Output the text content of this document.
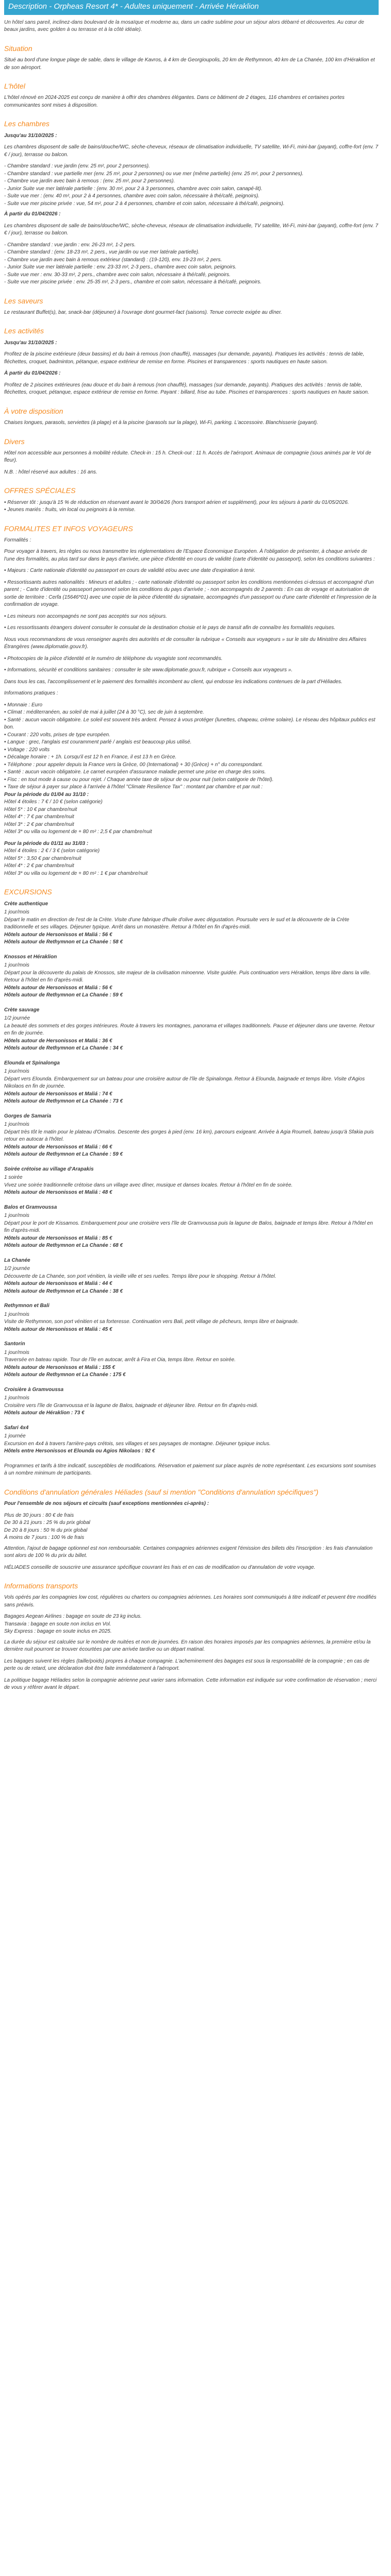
Description - Orpheas Resort 4* - Adultes uniquement - Arrivée Héraklion

Un hôtel sans pareil, inclinez-dans boulevard de la mosaïque et moderne au, dans un cadre sublime pour un séjour alors débarré et découvertes. Au cœur de beaux jardins, avec golden à ou terrasse et à la côté idéale).

Situation

Situé au bord d'une longue plage de sable, dans le village de Kavros, à 4 km de Georgioupolis, 20 km de Rethymnon, 40 km de La Chanée, 100 km d'Héraklion et de son aéroport.

L'hôtel

L'hôtel rénové en 2024-2025 est conçu de manière à offrir des chambres élégantes. Dans ce bâtiment de 2 étages, 116 chambres et certaines portes communicantes sont mises à disposition.

Les chambres

Jusqu'au 31/10/2025 :

Les chambres disposent de salle de bains/douche/WC, sèche-cheveux, réseaux de climatisation individuelle, TV satellite, Wi-Fi, mini-bar (payant), coffre-fort (env. 7 € / jour), terrasse ou balcon.

- Chambre standard : vue jardin (env. 25 m², pour 2 personnes).
- Chambre standard : vue partielle mer (env. 25 m², pour 2 personnes) ou vue mer (même partielle) (env. 25 m², pour 2 personnes).
- Chambre vue jardin avec bain à remous : (env. 25 m², pour 2 personnes).
- Junior Suite vue mer latérale partielle : (env. 30 m², pour 2 à 3 personnes, chambre avec coin salon, canapé-lit).
- Suite vue mer : (env. 40 m², pour 2 à 4 personnes, chambre avec coin salon, nécessaire à thé/café, peignoirs).
- Suite vue mer piscine privée : vue, 54 m², pour 2 à 4 personnes, chambre et coin salon, nécessaire à thé/café, peignoirs).

À partir du 01/04/2026 :

Les chambres disposent de salle de bains/douche/WC, sèche-cheveux, réseaux de climatisation individuelle, TV satellite, Wi-Fi, mini-bar (payant), coffre-fort (env. 7 € / jour), terrasse ou balcon.

- Chambre standard : vue jardin : env. 26-23 m², 1-2 pers.
- Chambre standard : (env. 18-23 m², 2 pers., vue jardin ou vue mer latérale partielle).
- Chambre vue jardin avec bain à remous extérieur (standard) : (19-120), env. 19-23 m², 2 pers.
- Junior Suite vue mer latérale partielle : env. 23-33 m², 2-3 pers., chambre avec coin salon, peignoirs.
- Suite vue mer : env. 30-33 m², 2 pers., chambre avec coin salon, nécessaire à thé/café, peignoirs.
- Suite vue mer piscine privée : env. 25-35 m², 2-3 pers., chambre et coin salon, nécessaire à thé/café, peignoirs.
Les saveurs

Le restaurant Buffet(s), bar, snack-bar (déjeuner) à l'ouvrage dont gourmet-fact (saisons). Tenue correcte exigée au dîner.

Les activités

Jusqu'au 31/10/2025 :

Profitez de la piscine extérieure (deux bassins) et du bain à remous (non chauffé), massages (sur demande, payants). Pratiques les activités : tennis de table, fléchettes, croquet, badminton, pétanque, espace extérieur de remise en forme. Piscines et transparences : sports nautiques en haute saison.

À partir du 01/04/2026 :

Profitez de 2 piscines extérieures (eau douce et du bain à remous (non chauffé), massages (sur demande, payants). Pratiques des activités : tennis de table, fléchettes, croquet, pétanque, espace extérieur de remise en forme. Payant : billard, frise au tube. Piscines et transparences : sports nautiques en haute saison.

À votre disposition

Chaises longues, parasols, serviettes (à plage) et à la piscine (parasols sur la plage), Wi-Fi, parking. L'accessoire. Blanchisserie (payant).

Divers

Hôtel non accessible aux personnes à mobilité réduite. Check-in : 15 h. Check-out : 11 h. Accès de l'aéroport. Animaux de compagnie (sous animés par le Vol de fleur).

N.B. : hôtel réservé aux adultes : 16 ans.

OFFRES SPÉCIALES
• Réserver tôt : jusqu'à 15 % de réduction en réservant avant le 30/04/26 (hors transport aérien et supplément), pour les séjours à partir du 01/05/2026.
• Jeunes mariés : fruits, vin local ou peignoirs à la remise.
FORMALITES ET INFOS VOYAGEURS

Formalités :

Pour voyager à travers, les règles ou nous transmettre les réglementations de l'Espace Économique Européen. À l'obligation de présenter, à chaque arrivée de l'une des formalités, au plus tard sur dans le pays d'arrivée, une pièce d'identité en cours de validité (carte d'identité ou passeport), selon les conditions suivantes :

• Majeurs : Carte nationale d'identité ou passeport en cours de validité et/ou avec une date d'expiration à tenir.

• Ressortissants autres nationalités : Mineurs et adultes ; - carte nationale d'identité ou passeport selon les conditions mentionnées ci-dessus et accompagné d'un parent ; - Carte d'identité ou passeport personnel selon les conditions du pays d'arrivée ; - non accompagnés de 2 parents : En cas de voyage et autorisation de sortie de territoire : Cerfa (15646*01) avec une copie de la pièce d'identité du signataire, accompagnés d'un passeport ou d'une carte d'identité et l'impression de la confirmation de voyage.

• Les mineurs non accompagnés ne sont pas acceptés sur nos séjours.

• Les ressortissants étrangers doivent consulter le consulat de la destination choisie et le pays de transit afin de connaître les formalités requises.

Nous vous recommandons de vous renseigner auprès des autorités et de consulter la rubrique « Conseils aux voyageurs » sur le site du Ministère des Affaires Étrangères (www.diplomatie.gouv.fr).

• Photocopies de la pièce d'identité et le numéro de téléphone du voyagiste sont recommandés.

• Informations, sécurité et conditions sanitaires : consulter le site www.diplomatie.gouv.fr, rubrique « Conseils aux voyageurs ».

Dans tous les cas, l'accomplissement et le paiement des formalités incombent au client, qui endosse les indications contenues de la part d'Héliades.

Informations pratiques :

• Monnaie : Euro
• Climat : méditerranéen, au soleil de mai à juillet (24 à 30 °C), sec de juin à septembre.
• Santé : aucun vaccin obligatoire. Le soleil est souvent très ardent. Pensez à vous protéger (lunettes, chapeau, crème solaire). Le réseau des hôpitaux publics est bon.
• Courant : 220 volts, prises de type européen.
• Langue : grec, l'anglais est couramment parlé / anglais est beaucoup plus utilisé.
• Voltage : 220 volts
• Décalage horaire : + 1h. Lorsqu'il est 12 h en France, il est 13 h en Grèce.
• Téléphone : pour appeler depuis la France vers la Grèce, 00 (International) + 30 (Grèce) + n° du correspondant.
• Santé : aucun vaccin obligatoire. Le carnet européen d'assurance maladie permet une prise en charge des soins.
• Fisc : en tout mode à cause ou pour rejet. / Chaque année taxe de séjour de ou pour nuit (selon catégorie de l'hôtel).
• Taxe de séjour à payer sur place à l'arrivée à l'hôtel "Climate Resilience Tax" : montant par chambre et par nuit :
Pour la période du 01/04 au 31/10 :
Hôtel 4 étoiles : 7 € / 10 € (selon catégorie)
Hôtel 5* : 10 € par chambre/nuit
Hôtel 4* : 7 € par chambre/nuit
Hôtel 3* : 2 € par chambre/nuit
Hôtel 3* ou villa ou logement de + 80 m² : 2,5 € par chambre/nuit
Pour la période du 01/11 au 31/03 :
Hôtel 4 étoiles : 2 € / 3 € (selon catégorie)
Hôtel 5* : 3,50 € par chambre/nuit
Hôtel 4* : 2 € par chambre/nuit
Hôtel 3* ou villa ou logement de + 80 m² : 1 € par chambre/nuit
EXCURSIONS
Crète authentique
1 jour/mois
Départ le matin en direction de l'est de la Crète. Visite d'une fabrique d'huile d'olive avec dégustation. Poursuite vers le sud et la découverte de la Crète traditionnelle et ses villages. Déjeuner typique. Arrêt dans un monastère. Retour à l'hôtel en fin d'après-midi.
Hôtels autour de Hersonissos et Maliá : 56 €
Hôtels autour de Rethymnon et La Chanée : 58 €
Knossos et Héraklion
1 jour/mois
Départ pour la découverte du palais de Knossos, site majeur de la civilisation minoenne. Visite guidée. Puis continuation vers Héraklion, temps libre dans la ville. Retour à l'hôtel en fin d'après-midi.
Hôtels autour de Hersonissos et Maliá : 56 €
Hôtels autour de Rethymnon et La Chanée : 59 €
Crète sauvage
1/2 journée
La beauté des sommets et des gorges intérieures. Route à travers les montagnes, panorama et villages traditionnels. Pause et déjeuner dans une taverne. Retour en fin de journée.
Hôtels autour de Hersonissos et Maliá : 36 €
Hôtels autour de Rethymnon et La Chanée : 34 €
Elounda et Spinalonga
1 jour/mois
Départ vers Elounda. Embarquement sur un bateau pour une croisière autour de l'île de Spinalonga. Retour à Elounda, baignade et temps libre. Visite d'Agios Nikolaos en fin de journée.
Hôtels autour de Hersonissos et Maliá : 74 €
Hôtels autour de Rethymnon et La Chanée : 73 €
Gorges de Samaria
1 jour/mois
Départ très tôt le matin pour le plateau d'Omalos. Descente des gorges à pied (env. 16 km), parcours exigeant. Arrivée à Agia Roumeli, bateau jusqu'à Sfakia puis retour en autocar à l'hôtel.
Hôtels autour de Hersonissos et Maliá : 66 €
Hôtels autour de Rethymnon et La Chanée : 59 €
Soirée crétoise au village d'Arapakis
1 soirée
Vivez une soirée traditionnelle crétoise dans un village avec dîner, musique et danses locales. Retour à l'hôtel en fin de soirée.
Hôtels autour de Hersonissos et Maliá : 48 €
Balos et Gramvoussa
1 jour/mois
Départ pour le port de Kissamos. Embarquement pour une croisière vers l'île de Gramvoussa puis la lagune de Balos, baignade et temps libre. Retour à l'hôtel en fin d'après-midi.
Hôtels autour de Hersonissos et Maliá : 85 €
Hôtels autour de Rethymnon et La Chanée : 68 €
La Chanée
1/2 journée
Découverte de La Chanée, son port vénitien, la vieille ville et ses ruelles. Temps libre pour le shopping. Retour à l'hôtel.
Hôtels autour de Hersonissos et Maliá : 44 €
Hôtels autour de Rethymnon et La Chanée : 38 €
Rethymnon et Bali
1 jour/mois
Visite de Rethymnon, son port vénitien et sa forteresse. Continuation vers Bali, petit village de pêcheurs, temps libre et baignade.
Hôtels autour de Hersonissos et Maliá : 45 €
Santorin
1 jour/mois
Traversée en bateau rapide. Tour de l'île en autocar, arrêt à Fira et Oia, temps libre. Retour en soirée.
Hôtels autour de Hersonissos et Maliá : 155 €
Hôtels autour de Rethymnon et La Chanée : 175 €
Croisière à Gramvoussa
1 jour/mois
Croisière vers l'île de Gramvoussa et la lagune de Balos, baignade et déjeuner libre. Retour en fin d'après-midi.
Hôtels autour de Héraklion : 73 €
Safari 4x4
1 journée
Excursion en 4x4 à travers l'arrière-pays crétois, ses villages et ses paysages de montagne. Déjeuner typique inclus.
Hôtels entre Hersonissos et Elounda ou Agios Nikolaos : 92 €

Programmes et tarifs à titre indicatif, susceptibles de modifications. Réservation et paiement sur place auprès de notre représentant. Les excursions sont soumises à un nombre minimum de participants.

Conditions d'annulation générales Héliades (sauf si mention "Conditions d'annulation spécifiques")

Pour l'ensemble de nos séjours et circuits (sauf exceptions mentionnées ci-après) :

Plus de 30 jours : 80 € de frais
De 30 à 21 jours : 25 % du prix global
De 20 à 8 jours : 50 % du prix global
À moins de 7 jours : 100 % de frais

Attention, l'ajout de bagage optionnel est non remboursable. Certaines compagnies aériennes exigent l'émission des billets dès l'inscription : les frais d'annulation sont alors de 100 % du prix du billet.

HÉLIADES conseille de souscrire une assurance spécifique couvrant les frais et en cas de modification ou d'annulation de votre voyage.

Informations transports

Vols opérés par les compagnies low cost, régulières ou charters ou compagnies aériennes. Les horaires sont communiqués à titre indicatif et peuvent être modifiés sans préavis.

Bagages Aegean Airlines : bagage en soute de 23 kg inclus.
Transavia : bagage en soute non inclus en Vol.
Sky Express : bagage en soute inclus en 2025.

La durée du séjour est calculée sur le nombre de nuitées et non de journées. En raison des horaires imposés par les compagnies aériennes, la première et/ou la dernière nuit pourront se trouver écourtées par une arrivée tardive ou un départ matinal.

Les bagages suivent les règles (taille/poids) propres à chaque compagnie. L'acheminement des bagages est sous la responsabilité de la compagnie ; en cas de perte ou de retard, une déclaration doit être faite immédiatement à l'aéroport.

La politique bagage Héliades selon la compagnie aérienne peut varier sans information. Cette information est indiquée sur votre confirmation de réservation ; merci de vous y référer avant le départ.
